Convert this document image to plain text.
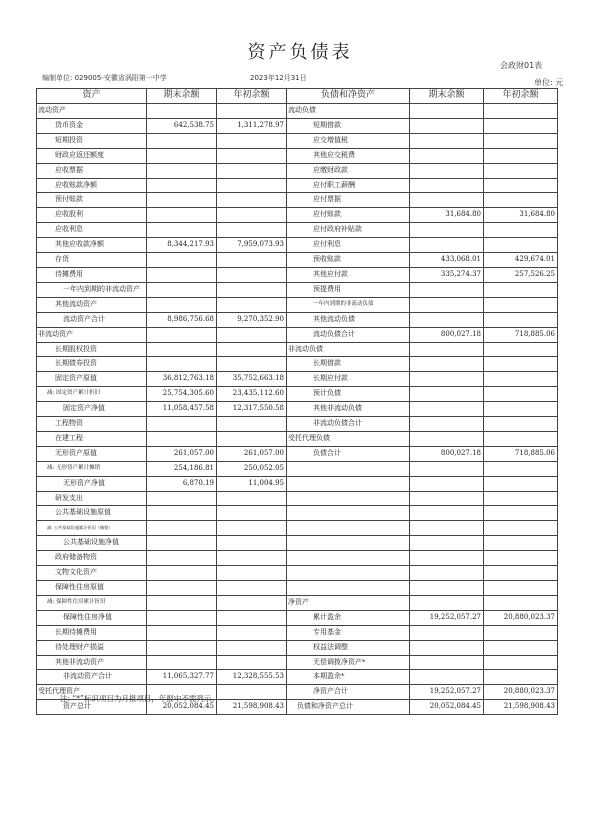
资产负债表
会政财01表
编制单位: 029005-安徽省涡阳第一中学	2023年12月31日	单位: 元
资产	期末余额	年初余额	负债和净资产	期末余额	年初余额
流动资产			流动负债		
货币资金	642,538.75	1,311,278.97	短期借款		
短期投资			应交增值税		
财政应返还额度			其他应交税费		
应收票据			应缴财政款		
应收账款净额			应付职工薪酬		
预付账款			应付票据		
应收股利			应付账款	31,684.80	31,684.80
应收利息			应付政府补贴款		
其他应收款净额	8,344,217.93	7,959,073.93	应付利息		
存货			预收账款	433,068.01	429,674.01
待摊费用			其他应付款	335,274.37	257,526.25
一年内到期的非流动资产			预提费用		
其他流动资产			一年内到期的非流动负债		
流动资产合计	8,986,756.68	9,270,352.90	其他流动负债		
非流动资产			流动负债合计	800,027.18	718,885.06
长期股权投资			非流动负债		
长期债券投资			长期借款		
固定资产原值	36,812,763.18	35,752,663.18	长期应付款		
减: 固定资产累计折旧	25,754,305.60	23,435,112.60	预计负债		
固定资产净值	11,058,457.58	12,317,550.58	其他非流动负债		
工程物资			非流动负债合计		
在建工程			受托代理负债		
无形资产原值	261,057.00	261,057.00	负债合计	800,027.18	718,885.06
减: 无形资产累计摊销	254,186.81	250,052.05			
无形资产净值	6,870.19	11,004.95			
研发支出					
公共基础设施原值					
减: 公共基础设施累计折旧（摊销）					
公共基础设施净值					
政府储备物资					
文物文化资产					
保障性住房原值					
减: 保障性住房累计折旧			净资产		
保障性住房净值			累计盈余	19,252,057.27	20,880,023.37
长期待摊费用			专用基金		
待处理财产损溢			权益法调整		
其他非流动资产			无偿调拨净资产*		
非流动资产合计	11,065,327.77	12,328,555.53	本期盈余*		
受托代理资产			净资产合计	19,252,057.27	20,880,023.37
资产总计	20,052,084.45	21,598,908.43	负债和净资产总计	20,052,084.45	21,598,908.43
注: “*”标识项目为月报项目，年报中不需列示。
